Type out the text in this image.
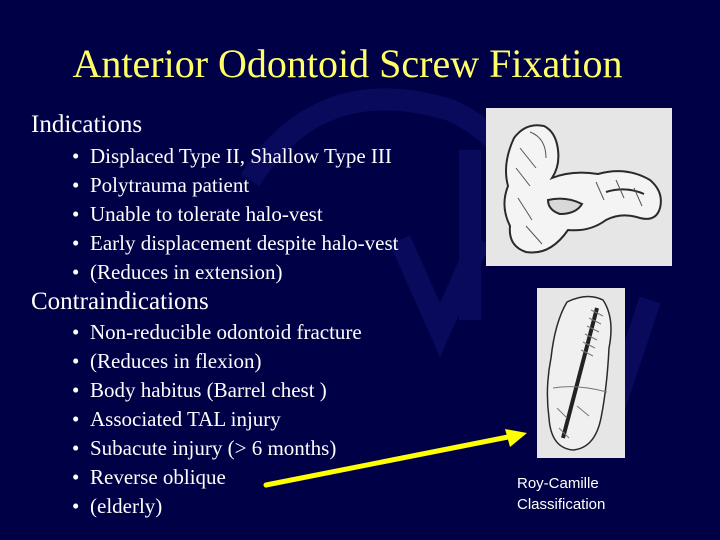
Anterior Odontoid Screw Fixation
Indications
• Displaced Type II, Shallow Type III
• Polytrauma patient
• Unable to tolerate halo-vest
• Early displacement despite halo-vest
• (Reduces in extension)
Contraindications
• Non-reducible odontoid fracture
• (Reduces in flexion)
• Body habitus (Barrel chest )
• Associated TAL injury
• Subacute injury (> 6 months)
• Reverse oblique
• (elderly)
Roy-Camille
Classification
